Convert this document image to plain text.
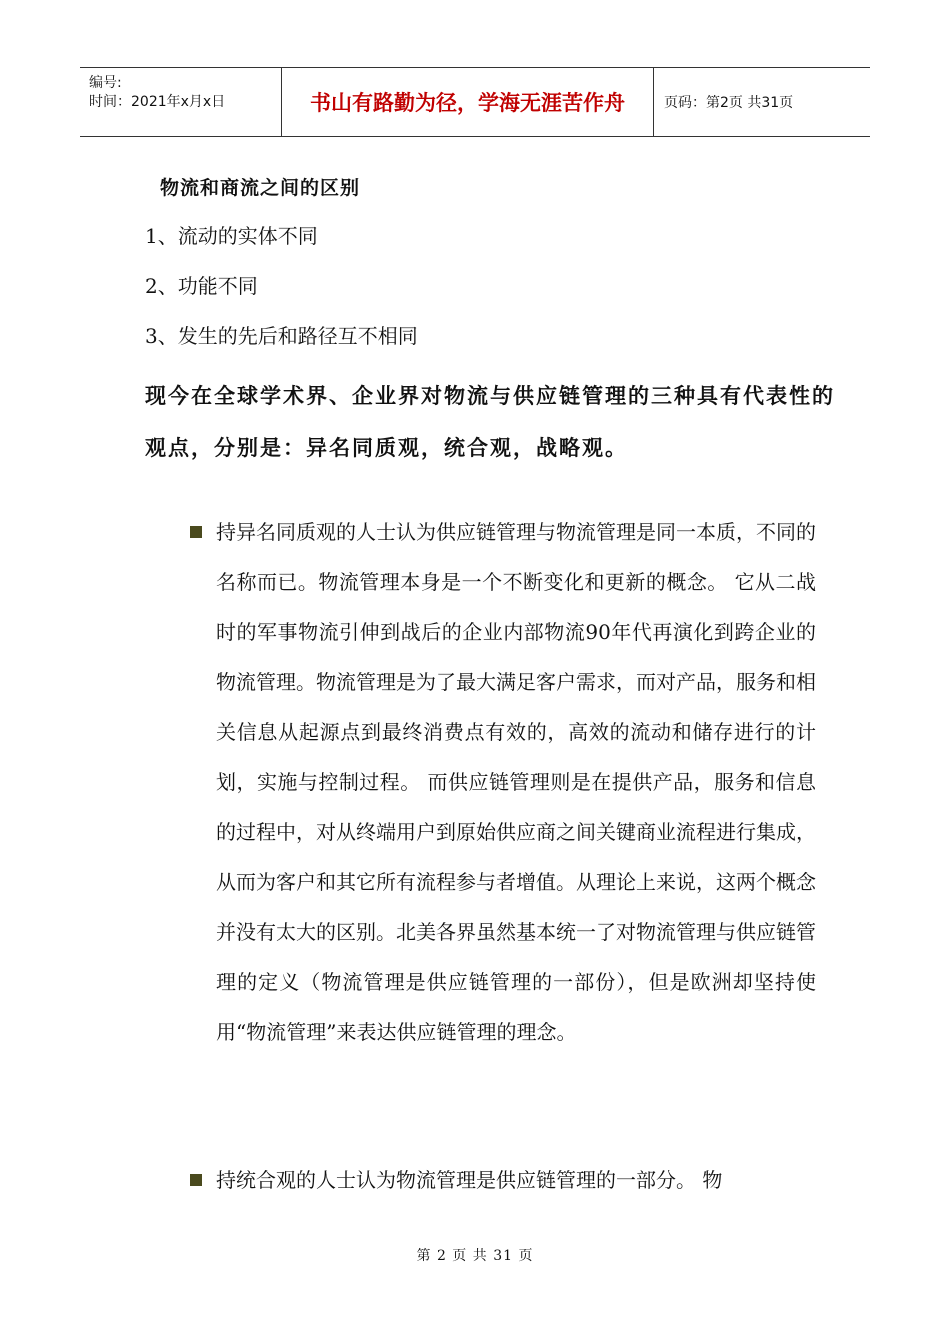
编号:
时间：2021年x月x日	书山有路勤为径，学海无涯苦作舟	页码：第2页 共31页
物流和商流之间的区别
1、流动的实体不同
2、功能不同
3、发生的先后和路径互不相同
现今在全球学术界、企业界对物流与供应链管理的三种具有代表性的观点，分别是：异名同质观，统合观，战略观。
持异名同质观的人士认为供应链管理与物流管理是同一本质，不同的名称而已。物流管理本身是一个不断变化和更新的概念。 它从二战时的军事物流引伸到战后的企业内部物流90年代再演化到跨企业的物流管理。物流管理是为了最大满足客户需求，而对产品，服务和相关信息从起源点到最终消费点有效的，高效的流动和储存进行的计划，实施与控制过程。 而供应链管理则是在提供产品，服务和信息的过程中，对从终端用户到原始供应商之间关键商业流程进行集成，从而为客户和其它所有流程参与者增值。从理论上来说，这两个概念并没有太大的区别。北美各界虽然基本统一了对物流管理与供应链管理的定义（物流管理是供应链管理的一部份），但是欧洲却坚持使用“物流管理”来表达供应链管理的理念。
持统合观的人士认为物流管理是供应链管理的一部分。 物
第 2 页 共 31 页
